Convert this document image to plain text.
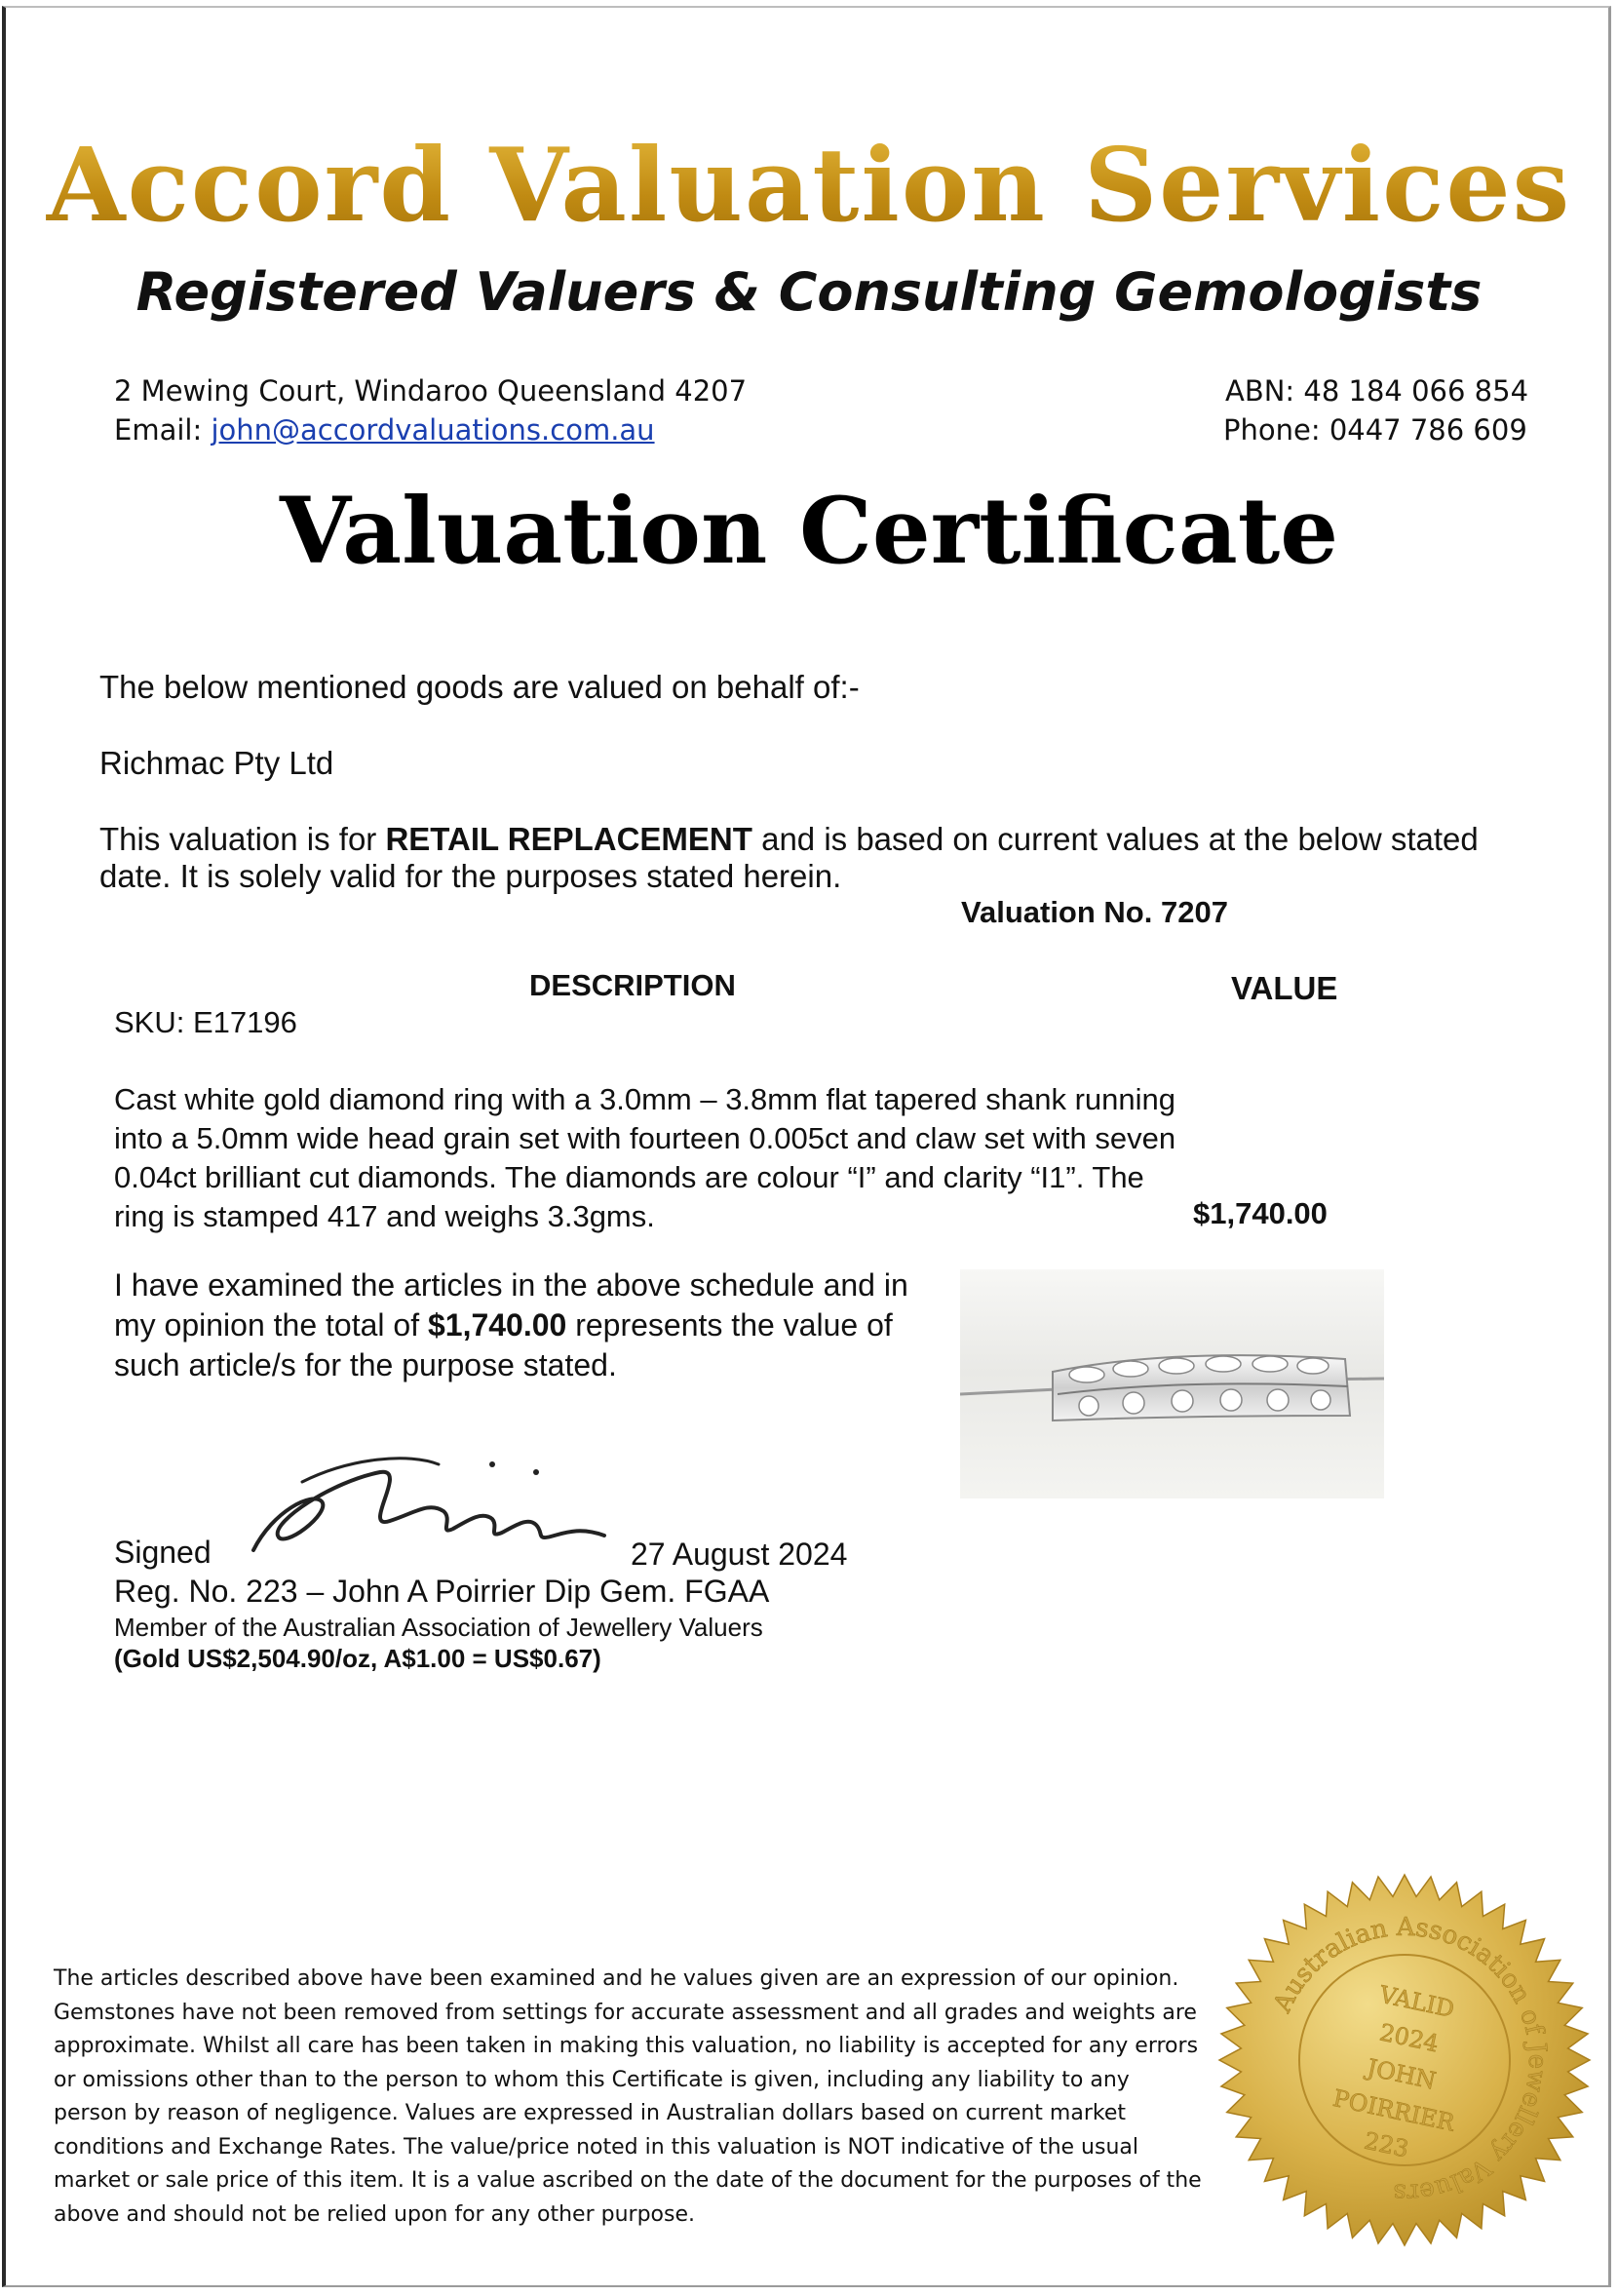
Accord Valuation Services
Registered Valuers & Consulting Gemologists
2 Mewing Court, Windaroo Queensland 4207
Email: john@accordvaluations.com.au
ABN: 48 184 066 854
Phone: 0447 786 609
Valuation Certificate
The below mentioned goods are valued on behalf of:-
Richmac Pty Ltd
This valuation is for RETAIL REPLACEMENT and is based on current values at the below stated
date. It is solely valid for the purposes stated herein.
Valuation No. 7207
DESCRIPTION	VALUE
SKU: E17196
Cast white gold diamond ring with a 3.0mm – 3.8mm flat tapered shank running into a 5.0mm wide head grain set with fourteen 0.005ct and claw set with seven 0.04ct brilliant cut diamonds. The diamonds are colour “I” and clarity “I1”. The ring is stamped 417 and weighs 3.3gms.	$1,740.00
I have examined the articles in the above schedule and in my opinion the total of $1,740.00 represents the value of such article/s for the purpose stated.
Signed	27 August 2024
Reg. No. 223 – John A Poirrier Dip Gem. FGAA
Member of the Australian Association of Jewellery Valuers
(Gold US$2,504.90/oz, A$1.00 = US$0.67)
The articles described above have been examined and he values given are an expression of our opinion. Gemstones have not been removed from settings for accurate assessment and all grades and weights are approximate. Whilst all care has been taken in making this valuation, no liability is accepted for any errors or omissions other than to the person to whom this Certificate is given, including any liability to any person by reason of negligence. Values are expressed in Australian dollars based on current market conditions and Exchange Rates. The value/price noted in this valuation is NOT indicative of the usual market or sale price of this item. It is a value ascribed on the date of the document for the purposes of the above and should not be relied upon for any other purpose.
Australian Association of Jewellery Valuers
VALID
2024
JOHN
POIRRIER
223
